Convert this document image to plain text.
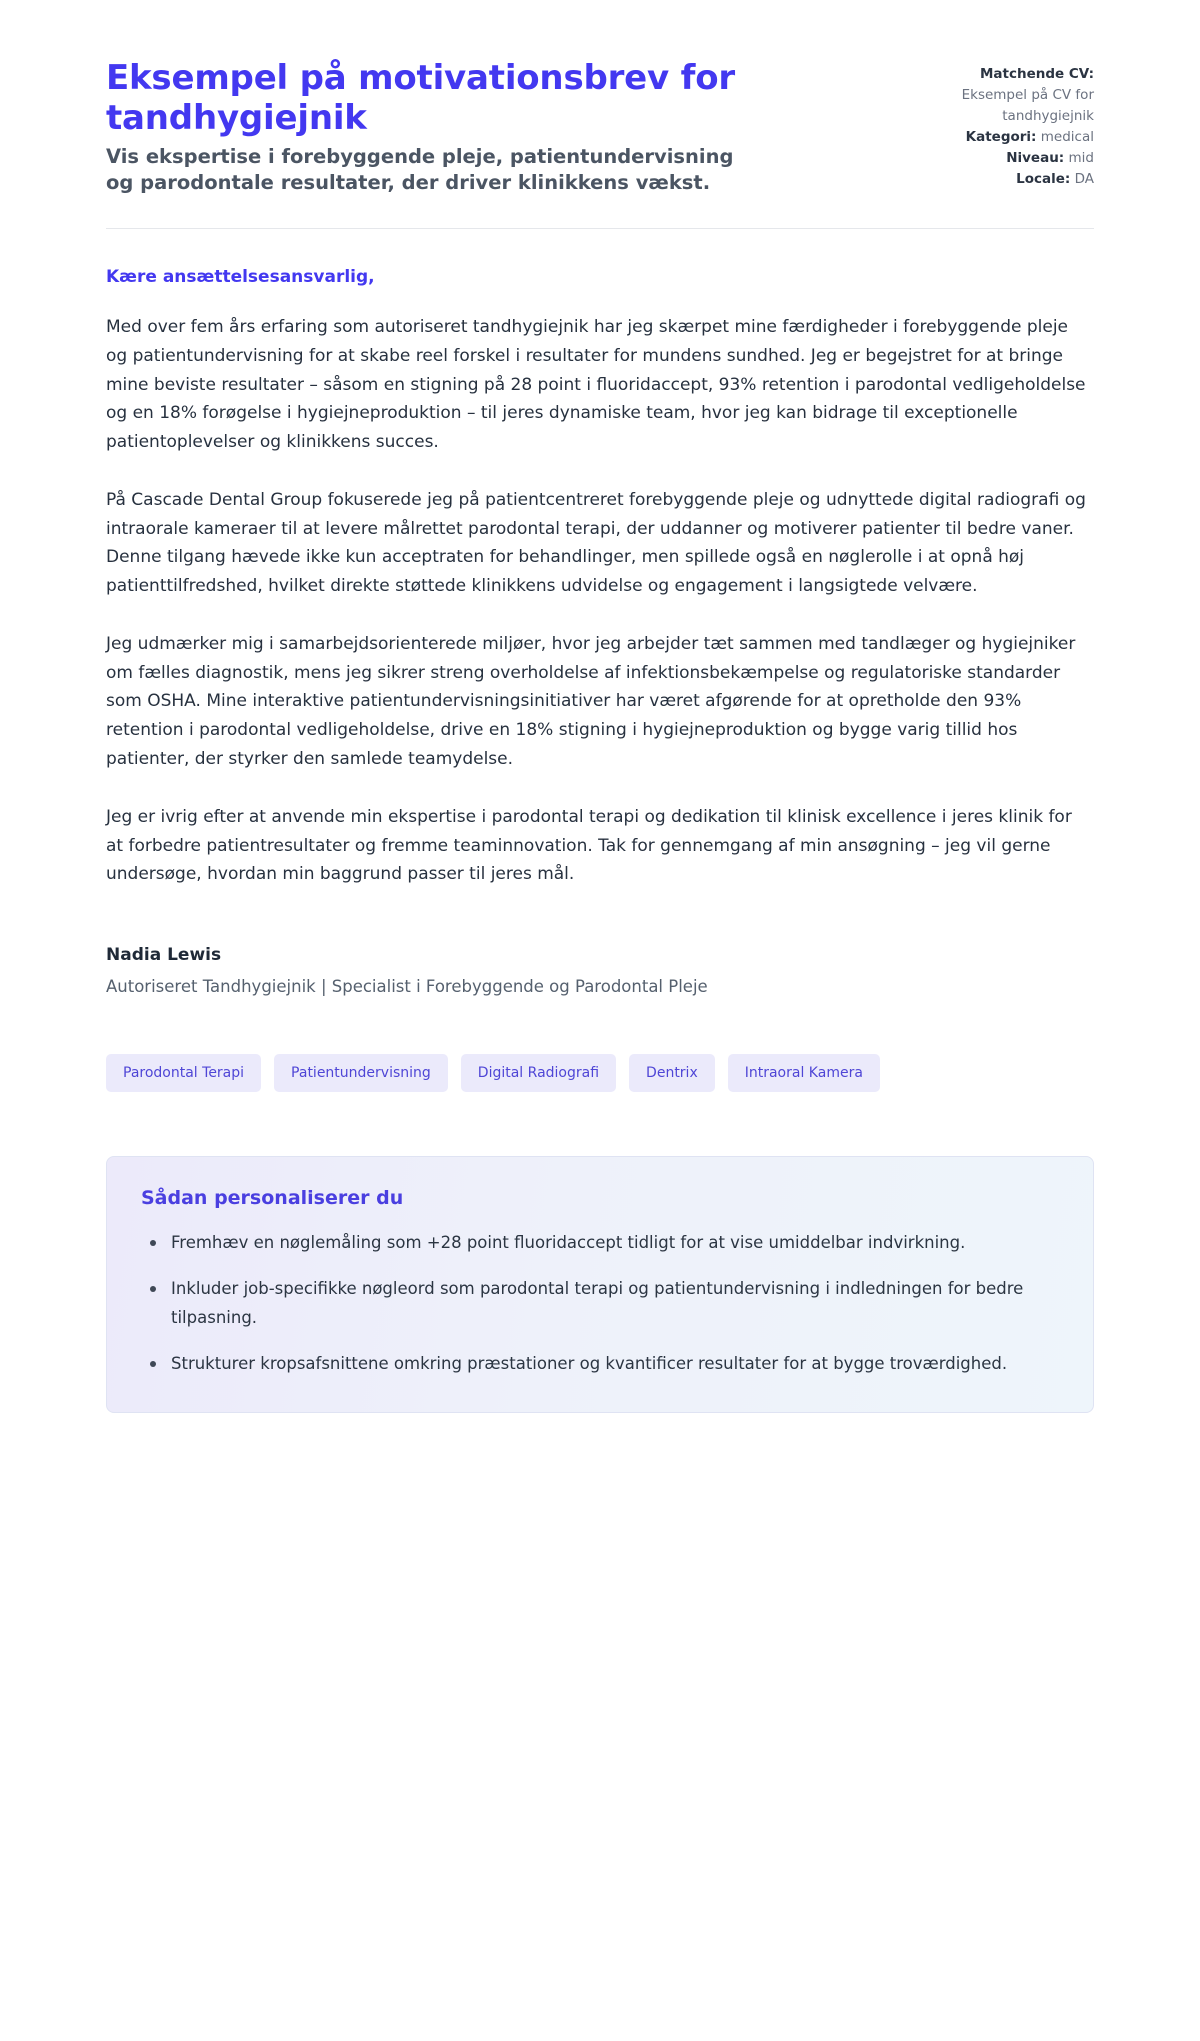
Eksempel på motivationsbrev for tandhygiejnik

Vis ekspertise i forebyggende pleje, patientundervisning og parodontale resultater, der driver klinikkens vækst.

Matchende CV:
Eksempel på CV for tandhygiejnik
Kategori: medical
Niveau: mid
Locale: DA

Kære ansættelsesansvarlig,

Med over fem års erfaring som autoriseret tandhygiejnik har jeg skærpet mine færdigheder i forebyggende pleje og patientundervisning for at skabe reel forskel i resultater for mundens sundhed. Jeg er begejstret for at bringe mine beviste resultater – såsom en stigning på 28 point i fluoridaccept, 93% retention i parodontal vedligeholdelse og en 18% forøgelse i hygiejneproduktion – til jeres dynamiske team, hvor jeg kan bidrage til exceptionelle patientoplevelser og klinikkens succes.

På Cascade Dental Group fokuserede jeg på patientcentreret forebyggende pleje og udnyttede digital radiografi og intraorale kameraer til at levere målrettet parodontal terapi, der uddanner og motiverer patienter til bedre vaner. Denne tilgang hævede ikke kun acceptraten for behandlinger, men spillede også en nøglerolle i at opnå høj patienttilfredshed, hvilket direkte støttede klinikkens udvidelse og engagement i langsigtede velvære.

Jeg udmærker mig i samarbejdsorienterede miljøer, hvor jeg arbejder tæt sammen med tandlæger og hygiejniker om fælles diagnostik, mens jeg sikrer streng overholdelse af infektionsbekæmpelse og regulatoriske standarder som OSHA. Mine interaktive patientundervisningsinitiativer har været afgørende for at opretholde den 93% retention i parodontal vedligeholdelse, drive en 18% stigning i hygiejneproduktion og bygge varig tillid hos patienter, der styrker den samlede teamydelse.

Jeg er ivrig efter at anvende min ekspertise i parodontal terapi og dedikation til klinisk excellence i jeres klinik for at forbedre patientresultater og fremme teaminnovation. Tak for gennemgang af min ansøgning – jeg vil gerne undersøge, hvordan min baggrund passer til jeres mål.

Nadia Lewis

Autoriseret Tandhygiejnik | Specialist i Forebyggende og Parodontal Pleje

Parodontal Terapi	Patientundervisning	Digital Radiografi	Dentrix	Intraoral Kamera
Sådan personaliserer du
Fremhæv en nøglemåling som +28 point fluoridaccept tidligt for at vise umiddelbar indvirkning.
Inkluder job-specifikke nøgleord som parodontal terapi og patientundervisning i indledningen for bedre tilpasning.
Strukturer kropsafsnittene omkring præstationer og kvantificer resultater for at bygge troværdighed.
